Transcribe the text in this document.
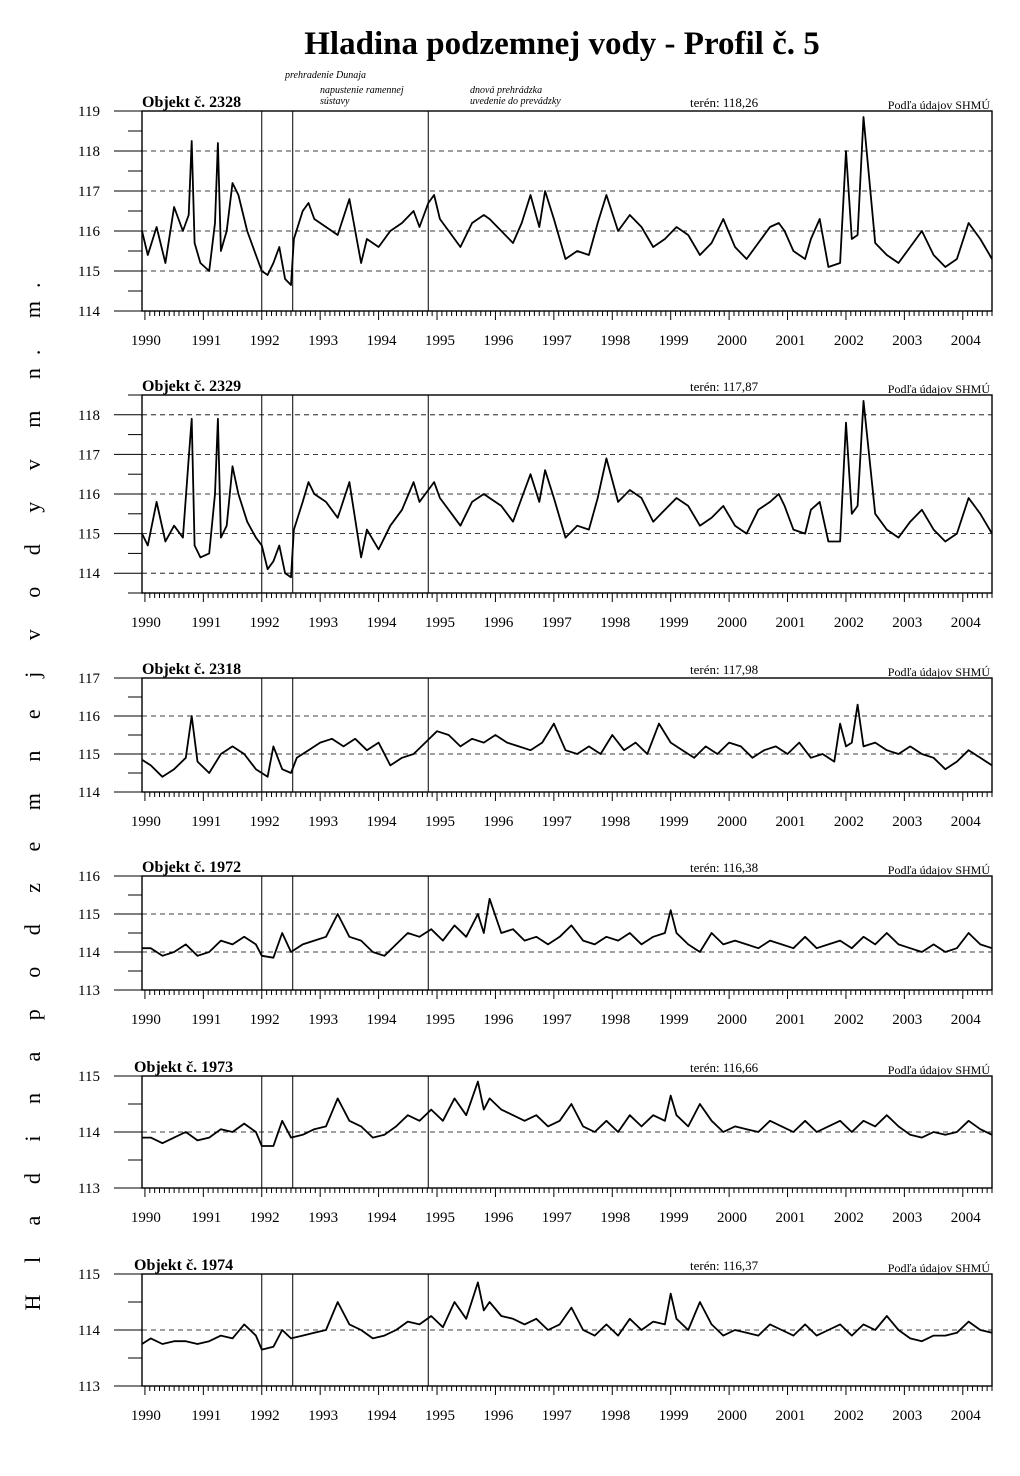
Hladina podzemnej vody - Profil č. 5
H l a d i n a p o d z e m n e j v o d y v m n. m.
prehradenie Dunaja
napustenie ramennej
sústavy
dnová prehrádzka
uvedenie do prevádzky
114
115
116
117
118
119
1990 1991 1992 1993 1994 1995 1996 1997 1998 1999 2000 2001 2002 2003 2004
Objekt č. 2328	terén: 118,26	Podľa údajov SHMÚ
114
115
116
117
118
1990 1991 1992 1993 1994 1995 1996 1997 1998 1999 2000 2001 2002 2003 2004
Objekt č. 2329	terén: 117,87	Podľa údajov SHMÚ
114
115
116
117
1990 1991 1992 1993 1994 1995 1996 1997 1998 1999 2000 2001 2002 2003 2004
Objekt č. 2318	terén: 117,98	Podľa údajov SHMÚ
113
114
115
116
1990 1991 1992 1993 1994 1995 1996 1997 1998 1999 2000 2001 2002 2003 2004
Objekt č. 1972	terén: 116,38	Podľa údajov SHMÚ
113
114
115
1990 1991 1992 1993 1994 1995 1996 1997 1998 1999 2000 2001 2002 2003 2004
Objekt č. 1973	terén: 116,66	Podľa údajov SHMÚ
113
114
115
1990 1991 1992 1993 1994 1995 1996 1997 1998 1999 2000 2001 2002 2003 2004
Objekt č. 1974	terén: 116,37	Podľa údajov SHMÚ
